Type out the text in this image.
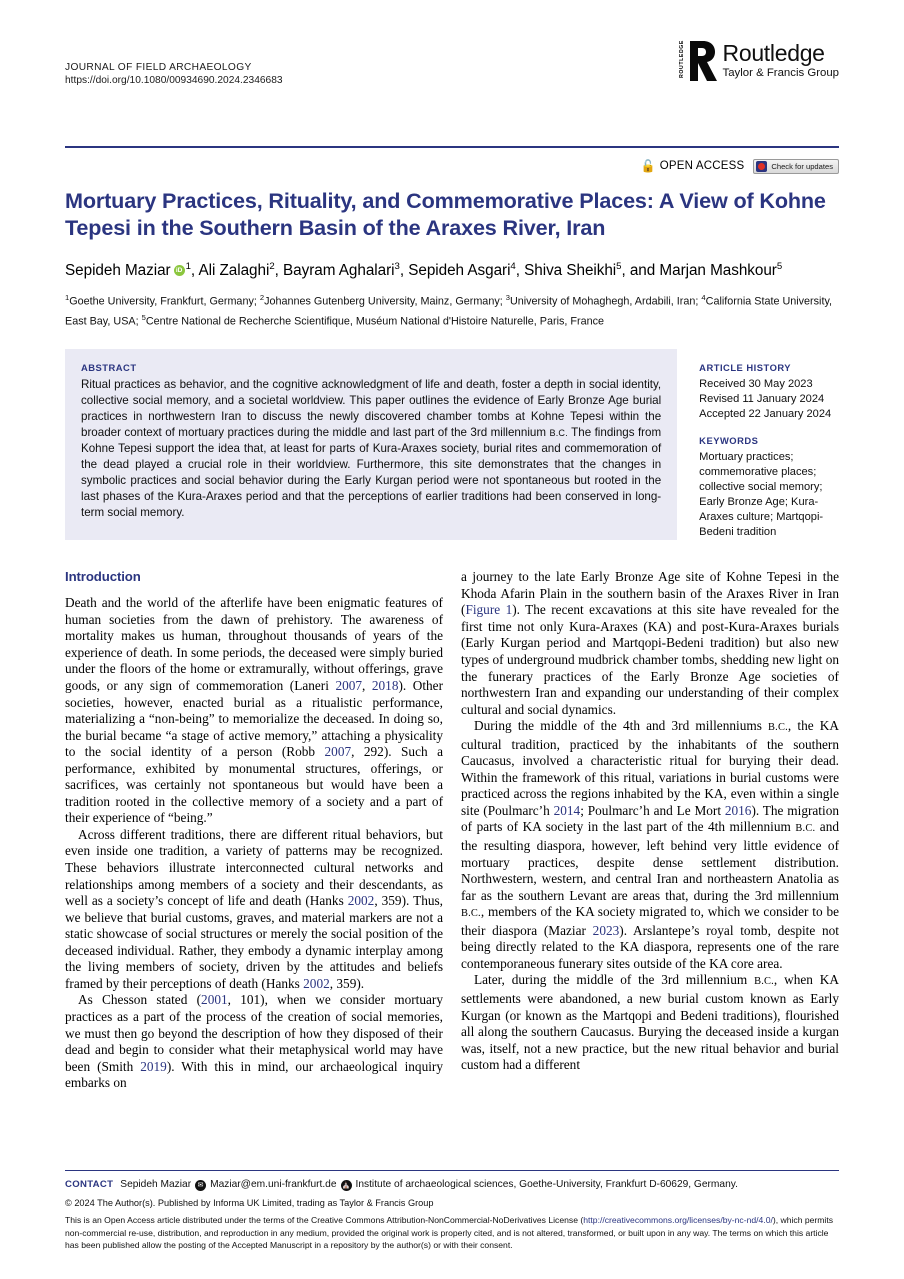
JOURNAL OF FIELD ARCHAEOLOGY
https://doi.org/10.1080/00934690.2024.2346683
ROUTLEDGE Routledge
Taylor & Francis Group
🔓 OPEN ACCESS	Check for updates
Mortuary Practices, Rituality, and Commemorative Places: A View of Kohne Tepesi in the Southern Basin of the Araxes River, Iran
Sepideh Maziar iD $^1$, Ali Zalaghi$^2$, Bayram Aghalari$^3$, Sepideh Asgari$^4$, Shiva Sheikhi$^5$, and Marjan Mashkour$^5$
$^1$Goethe University, Frankfurt, Germany; $^2$Johannes Gutenberg University, Mainz, Germany; $^3$University of Mohaghegh, Ardabili, Iran; $^4$California State University, East Bay, USA; $^5$Centre National de Recherche Scientifique, Muséum National d'Histoire Naturelle, Paris, France
ABSTRACT
Ritual practices as behavior, and the cognitive acknowledgment of life and death, foster a depth in social identity, collective social memory, and a societal worldview. This paper outlines the evidence of Early Bronze Age burial practices in northwestern Iran to discuss the newly discovered chamber tombs at Kohne Tepesi within the broader context of mortuary practices during the middle and last part of the 3rd millennium B.C. The findings from Kohne Tepesi support the idea that, at least for parts of Kura-Araxes society, burial rites and commemoration of the dead played a crucial role in their worldview. Furthermore, this site demonstrates that the changes in symbolic practices and social behavior during the Early Kurgan period were not spontaneous but rooted in the last phases of the Kura-Araxes period and that the perceptions of earlier traditions had been conserved in long-term social memory.
ARTICLE HISTORY
Received 30 May 2023
Revised 11 January 2024
Accepted 22 January 2024
KEYWORDS
Mortuary practices; commemorative places; collective social memory; Early Bronze Age; Kura-Araxes culture; Martqopi-Bedeni tradition
Introduction

Death and the world of the afterlife have been enigmatic features of human societies from the dawn of prehistory. The awareness of mortality makes us human, throughout thousands of years of the experience of death. In some periods, the deceased were simply buried under the floors of the home or extramurally, without offerings, grave goods, or any sign of commemoration (Laneri 2007, 2018). Other societies, however, enacted burial as a ritualistic performance, materializing a “non-being” to memorialize the deceased. In doing so, the burial became “a stage of active memory,” attaching a physicality to the social identity of a person (Robb 2007, 292). Such a performance, exhibited by monumental structures, offerings, or sacrifices, was certainly not spontaneous but would have been a tradition rooted in the collective memory of a society and a part of their experience of “being.”

Across different traditions, there are different ritual behaviors, but even inside one tradition, a variety of patterns may be recognized. These behaviors illustrate interconnected cultural networks and relationships among members of a society and their descendants, as well as a society’s concept of life and death (Hanks 2002, 359). Thus, we believe that burial customs, graves, and material markers are not a static showcase of social structures or merely the social position of the deceased individual. Rather, they embody a dynamic interplay among the living members of society, driven by the attitudes and beliefs framed by their perceptions of death (Hanks 2002, 359).

As Chesson stated (2001, 101), when we consider mortuary practices as a part of the process of the creation of social memories, we must then go beyond the description of how they disposed of their dead and begin to consider what their metaphysical world may have been (Smith 2019). With this in mind, our archaeological inquiry embarks on

a journey to the late Early Bronze Age site of Kohne Tepesi in the Khoda Afarin Plain in the southern basin of the Araxes River in Iran (Figure 1). The recent excavations at this site have revealed for the first time not only Kura-Araxes (KA) and post-Kura-Araxes burials (Early Kurgan period and Martqopi-Bedeni tradition) but also new types of underground mudbrick chamber tombs, shedding new light on the funerary practices of the Early Bronze Age societies of northwestern Iran and expanding our understanding of their complex cultural and social dynamics.

During the middle of the 4th and 3rd millenniums B.C., the KA cultural tradition, practiced by the inhabitants of the southern Caucasus, involved a characteristic ritual for burying their dead. Within the framework of this ritual, variations in burial customs were practiced across the regions inhabited by the KA, even within a single site (Poulmarc’h 2014; Poulmarc’h and Le Mort 2016). The migration of parts of KA society in the last part of the 4th millennium B.C. and the resulting diaspora, however, left behind very little evidence of mortuary practices, despite dense settlement distribution. Northwestern, western, and central Iran and northeastern Anatolia as far as the southern Levant are areas that, during the 3rd millennium B.C., members of the KA society migrated to, which we consider to be their diaspora (Maziar 2023). Arslantepe’s royal tomb, despite not being directly related to the KA diaspora, represents one of the rare contemporaneous funerary sites outside of the KA core area.

Later, during the middle of the 3rd millennium B.C., when KA settlements were abandoned, a new burial custom known as Early Kurgan (or known as the Martqopi and Bedeni traditions), flourished all along the southern Caucasus. Burying the deceased inside a kurgan was, itself, not a new practice, but the new ritual behavior and burial custom had a different

CONTACT Sepideh Maziar ✉ Maziar@em.uni-frankfurt.de ⛪ Institute of archaeological sciences, Goethe-University, Frankfurt D-60629, Germany.
© 2024 The Author(s). Published by Informa UK Limited, trading as Taylor & Francis Group
This is an Open Access article distributed under the terms of the Creative Commons Attribution-NonCommercial-NoDerivatives License (http://creativecommons.org/licenses/by-nc-nd/4.0/), which permits non-commercial re-use, distribution, and reproduction in any medium, provided the original work is properly cited, and is not altered, transformed, or built upon in any way. The terms on which this article has been published allow the posting of the Accepted Manuscript in a repository by the author(s) or with their consent.
